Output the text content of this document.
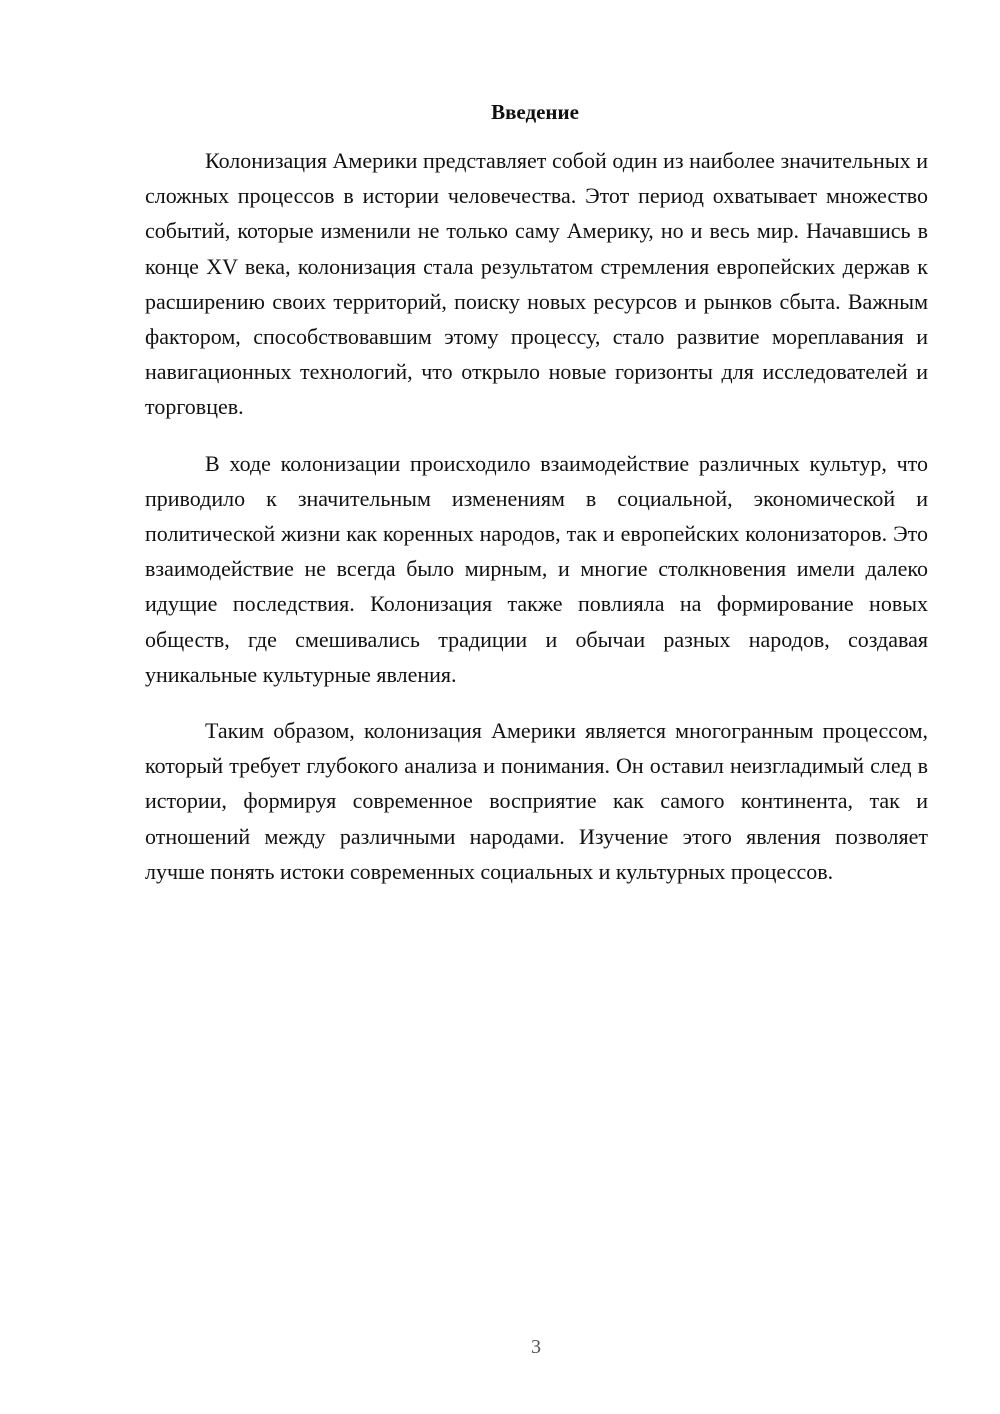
Введение

Колонизация Америки представляет собой один из наиболее значительных и сложных процессов в истории человечества. Этот период охватывает множество событий, которые изменили не только саму Америку, но и весь мир. Начавшись в конце XV века, колонизация стала результатом стремления европейских держав к расширению своих территорий, поиску новых ресурсов и рынков сбыта. Важным фактором, способствовавшим этому процессу, стало развитие мореплавания и навигационных технологий, что открыло новые горизонты для исследователей и торговцев.

В ходе колонизации происходило взаимодействие различных культур, что приводило к значительным изменениям в социальной, экономической и политической жизни как коренных народов, так и европейских колонизаторов. Это взаимодействие не всегда было мирным, и многие столкновения имели далеко идущие последствия. Колонизация также повлияла на формирование новых обществ, где смешивались традиции и обычаи разных народов, создавая уникальные культурные явления.

Таким образом, колонизация Америки является многогранным процессом, который требует глубокого анализа и понимания. Он оставил неизгладимый след в истории, формируя современное восприятие как самого континента, так и отношений между различными народами. Изучение этого явления позволяет лучше понять истоки современных социальных и культурных процессов.

3
